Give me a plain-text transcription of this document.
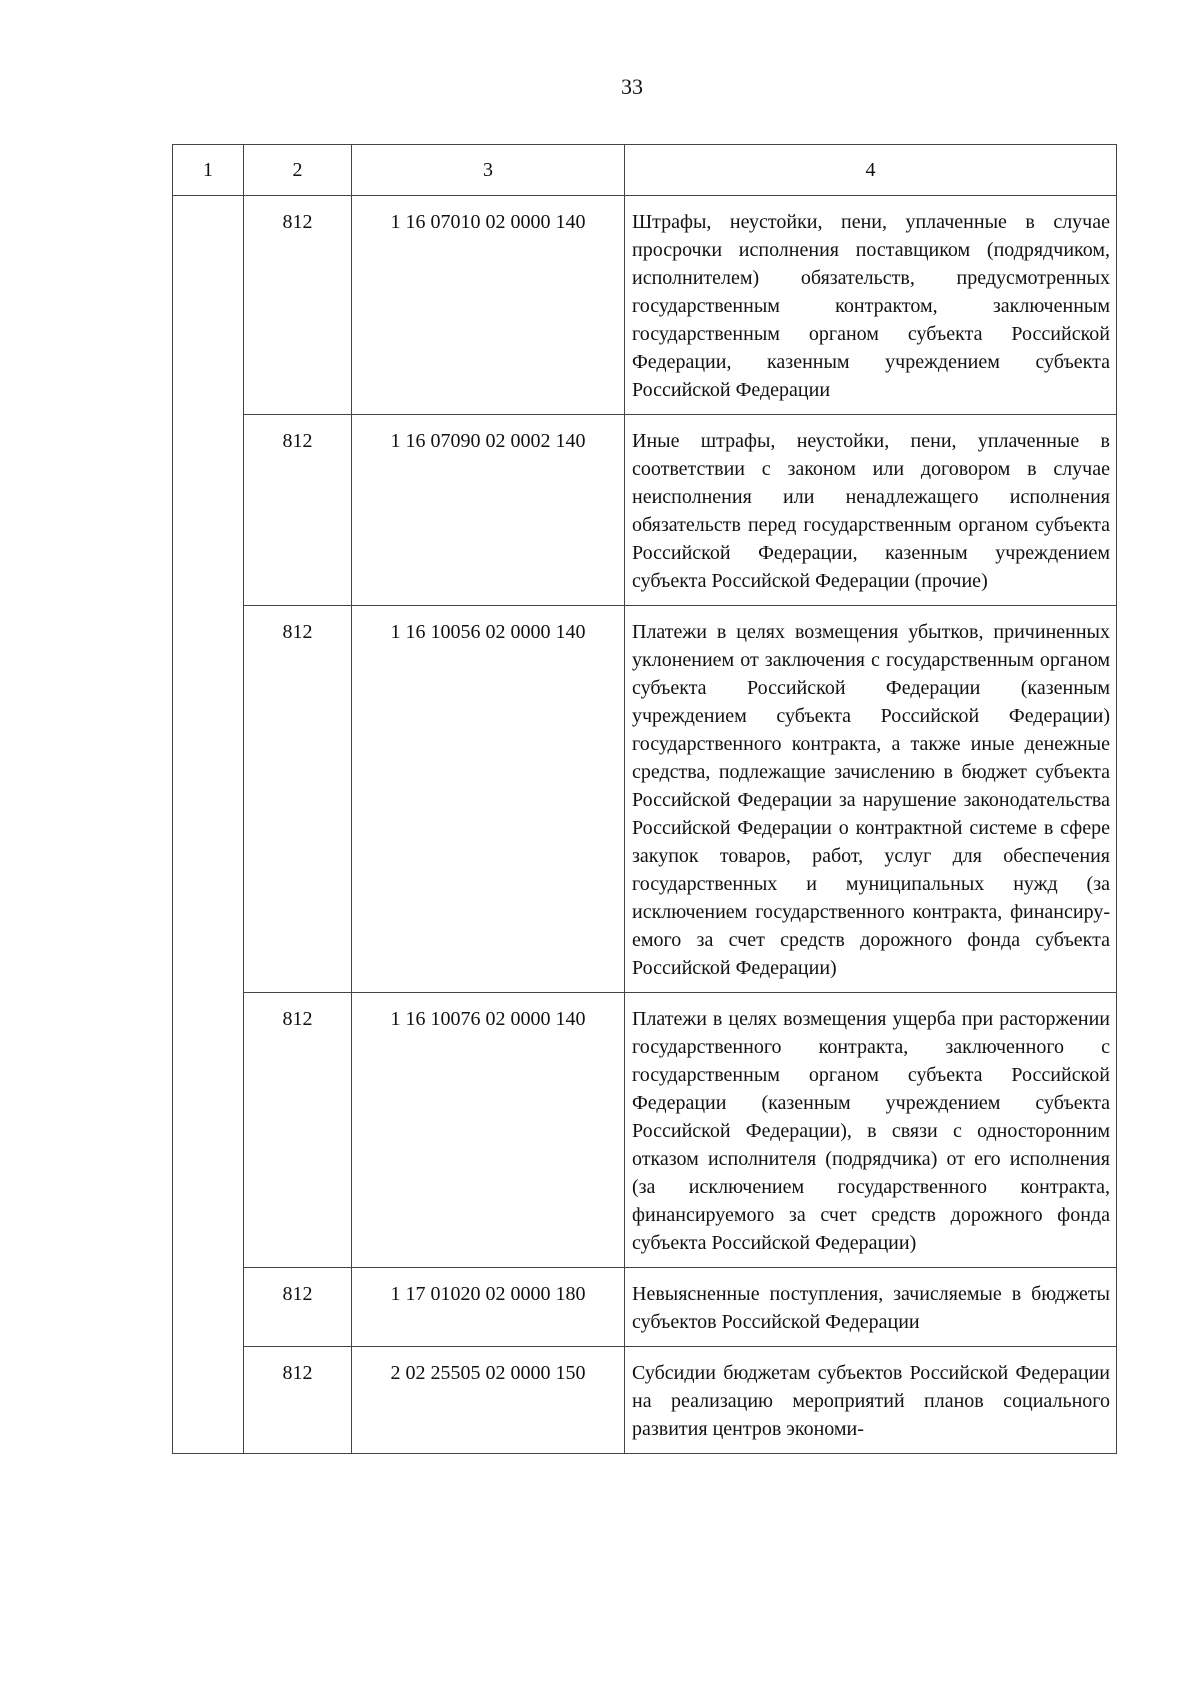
33
1	2	3	4
	812	1 16 07010 02 0000 140	Штрафы, неустойки, пени, уплаченные в случае просрочки исполнения поставщиком (подрядчиком, исполнителем) обязательств, предусмотренных государственным контрактом, заключенным государственным органом субъекта Российской Федерации, казенным учреждением субъекта Российской Федерации
	812	1 16 07090 02 0002 140	Иные штрафы, неустойки, пени, уплаченные в соответствии с законом или договором в случае неисполнения или ненадлежащего исполнения обязательств перед государственным органом субъекта Российской Федерации, казенным учреждением субъекта Российской Федерации (прочие)
	812	1 16 10056 02 0000 140	Платежи в целях возмещения убытков, причиненных уклонением от заключения с государственным органом субъекта Российской Федерации (казенным учреждением субъекта Российской Федерации) государственного контракта, а также иные денежные средства, подлежащие зачислению в бюджет субъекта Российской Федерации за нарушение законодательства Российской Федерации о контрактной системе в сфере закупок товаров, работ, услуг для обеспечения государственных и муниципальных нужд (за исключением государственного контракта, финансируемого за счет средств дорожного фонда субъекта Российской Федерации)
	812	1 16 10076 02 0000 140	Платежи в целях возмещения ущерба при расторжении государственного контракта, заключенного с государственным органом субъекта Российской Федерации (казенным учреждением субъекта Российской Федерации), в связи с односторонним отказом исполнителя (подрядчика) от его исполнения (за исключением государственного контракта, финансируемого за счет средств дорожного фонда субъекта Российской Федерации)
	812	1 17 01020 02 0000 180	Невыясненные поступления, зачисляемые в бюджеты субъектов Российской Федерации
	812	2 02 25505 02 0000 150	Субсидии бюджетам субъектов Российской Федерации на реализацию мероприятий планов социального развития центров экономи-
